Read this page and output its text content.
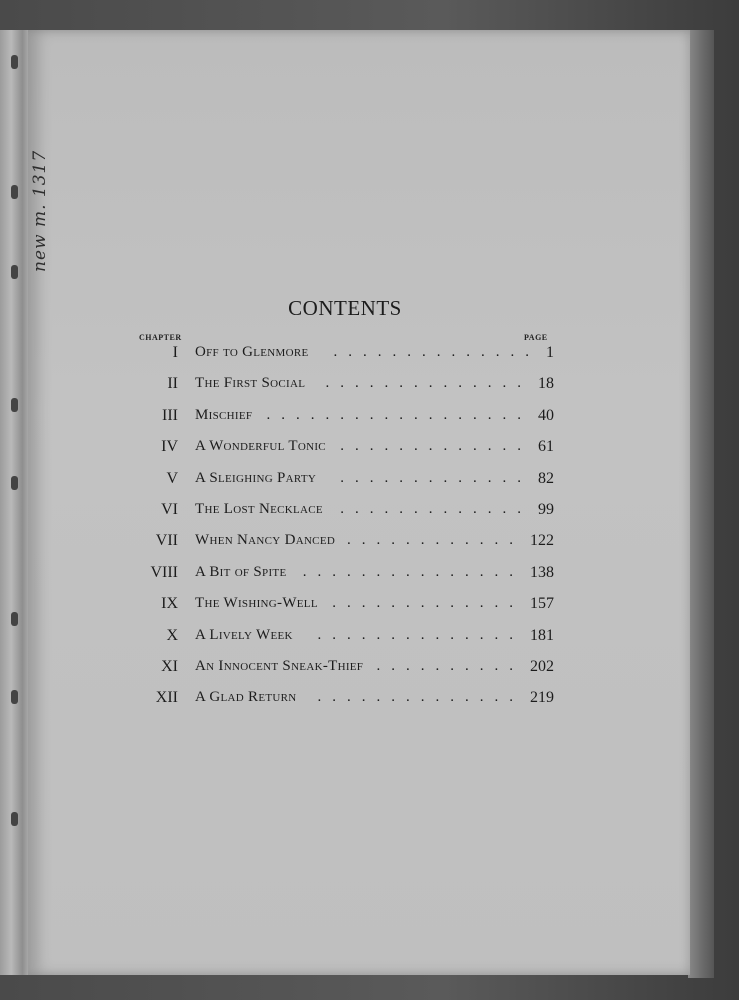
new m. 1317
CONTENTS
CHAPTER	PAGE
I Off to Glenmore	.............. 1
II The First Social	.............. 18
III Mischief .................. 40
IV A Wonderful Tonic ............. 61
V A Sleighing Party	............. 82
VI The Lost Necklace	............. 99
VII When Nancy Danced ............ 122
VIII A Bit of Spite	............... 138
IX The Wishing-Well ............. 157
X A Lively Week	.............. 181
XI An Innocent Sneak-Thief .......... 202
XII A Glad Return	.............. 219
